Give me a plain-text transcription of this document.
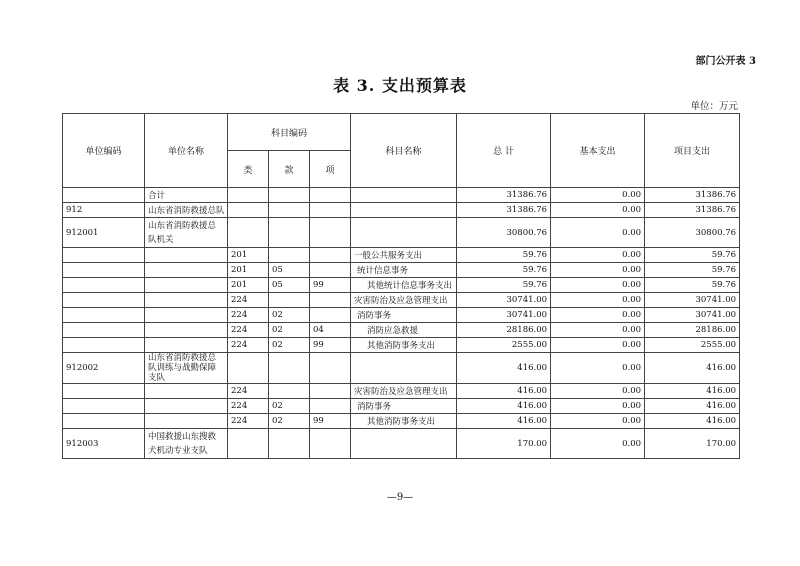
部门公开表 3
表 3. 支出预算表
单位：万元
单位编码	单位名称	科目编码			科目名称	总 计	基本支出	项目支出
		类	款	项				
	合计					31386.76	0.00	31386.76
912	山东省消防救援总队					31386.76	0.00	31386.76
912001	山东省消防救援总队机关					30800.76	0.00	30800.76
		201			一般公共服务支出	59.76	0.00	59.76
		201	05		统计信息事务	59.76	0.00	59.76
		201	05	99	其他统计信息事务支出	59.76	0.00	59.76
		224			灾害防治及应急管理支出	30741.00	0.00	30741.00
		224	02		消防事务	30741.00	0.00	30741.00
		224	02	04	消防应急救援	28186.00	0.00	28186.00
		224	02	99	其他消防事务支出	2555.00	0.00	2555.00
912002	山东省消防救援总队训练与战勤保障支队					416.00	0.00	416.00
		224			灾害防治及应急管理支出	416.00	0.00	416.00
		224	02		消防事务	416.00	0.00	416.00
		224	02	99	其他消防事务支出	416.00	0.00	416.00
912003	中国救援山东搜救犬机动专业支队					170.00	0.00	170.00
—9—
